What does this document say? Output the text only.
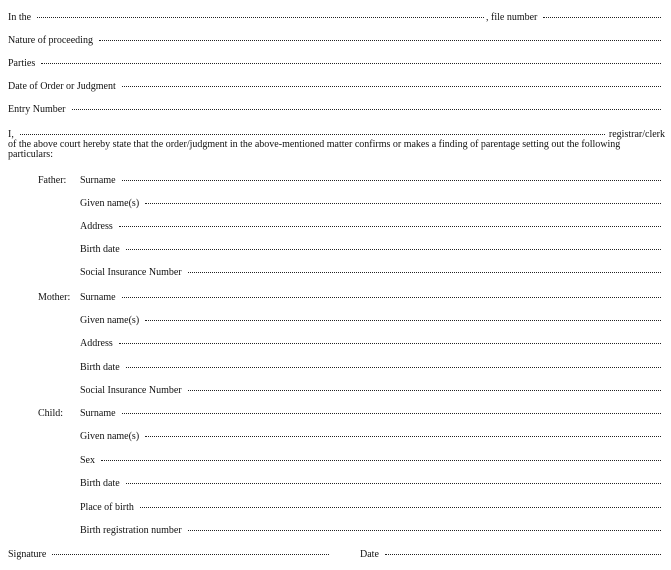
In the	, file number
Nature of proceeding
Parties
Date of Order or Judgment
Entry Number
I,	registrar/clerk
of the above court hereby state that the order/judgment in the above-mentioned matter confirms or makes a finding of parentage setting out the following particulars:
Father: Surname
Given name(s)
Address
Birth date
Social Insurance Number
Mother: Surname
Given name(s)
Address
Birth date
Social Insurance Number
Child: Surname
Given name(s)
Sex
Birth date
Place of birth
Birth registration number
Signature	Date
